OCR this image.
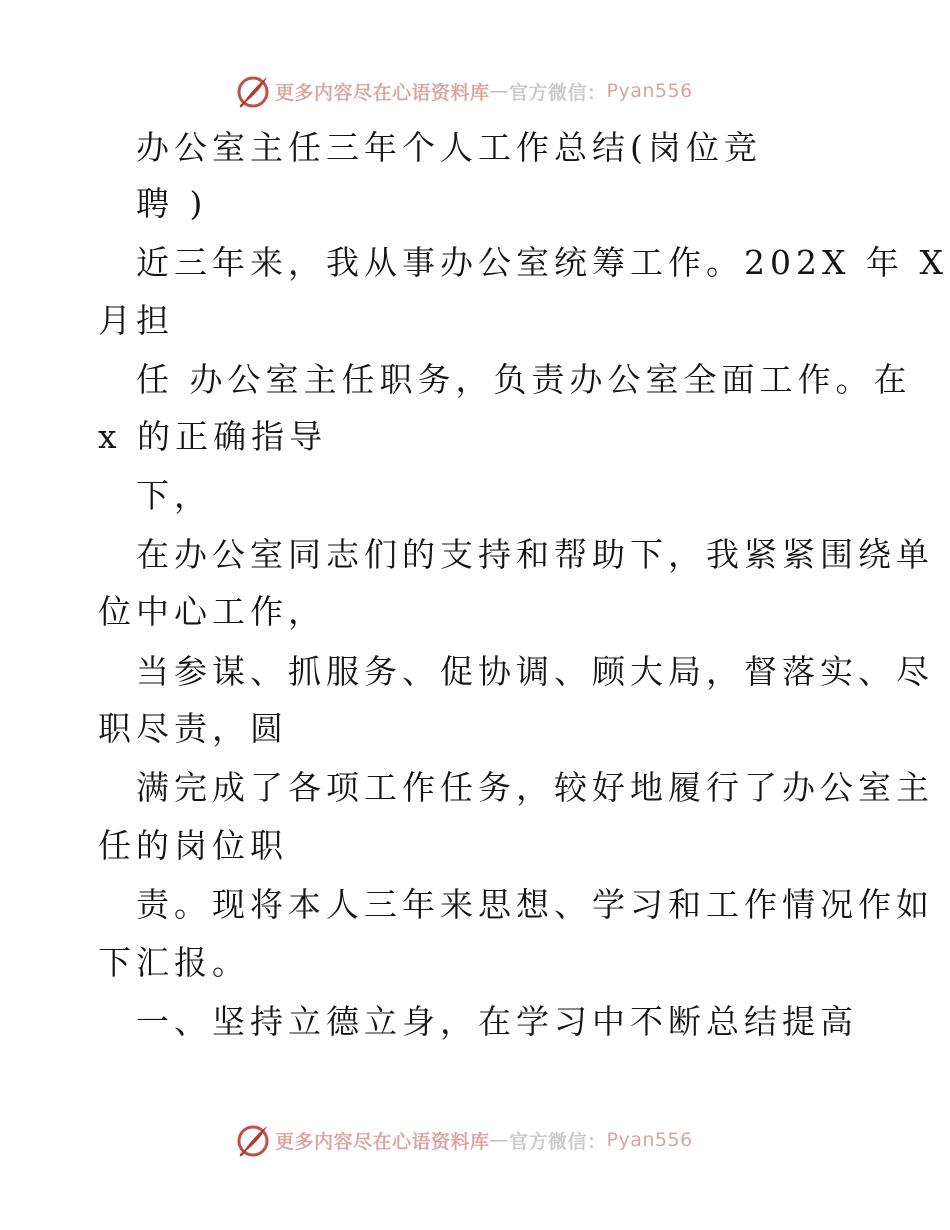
更多内容尽在心语资料库 — 官方微信： Pyan556
办公室主任三年个人工作总结(岗位竞
聘 )
近三年来，我从事办公室统筹工作。202X 年 X
月担
任 办公室主任职务，负责办公室全面工作。在
x 的正确指导
下，
在办公室同志们的支持和帮助下，我紧紧围绕单
位中心工作，
当参谋、抓服务、促协调、顾大局，督落实、尽
职尽责，圆
满完成了各项工作任务，较好地履行了办公室主
任的岗位职
责。现将本人三年来思想、学习和工作情况作如
下汇报。
一、坚持立德立身，在学习中不断总结提高
更多内容尽在心语资料库 — 官方微信： Pyan556
